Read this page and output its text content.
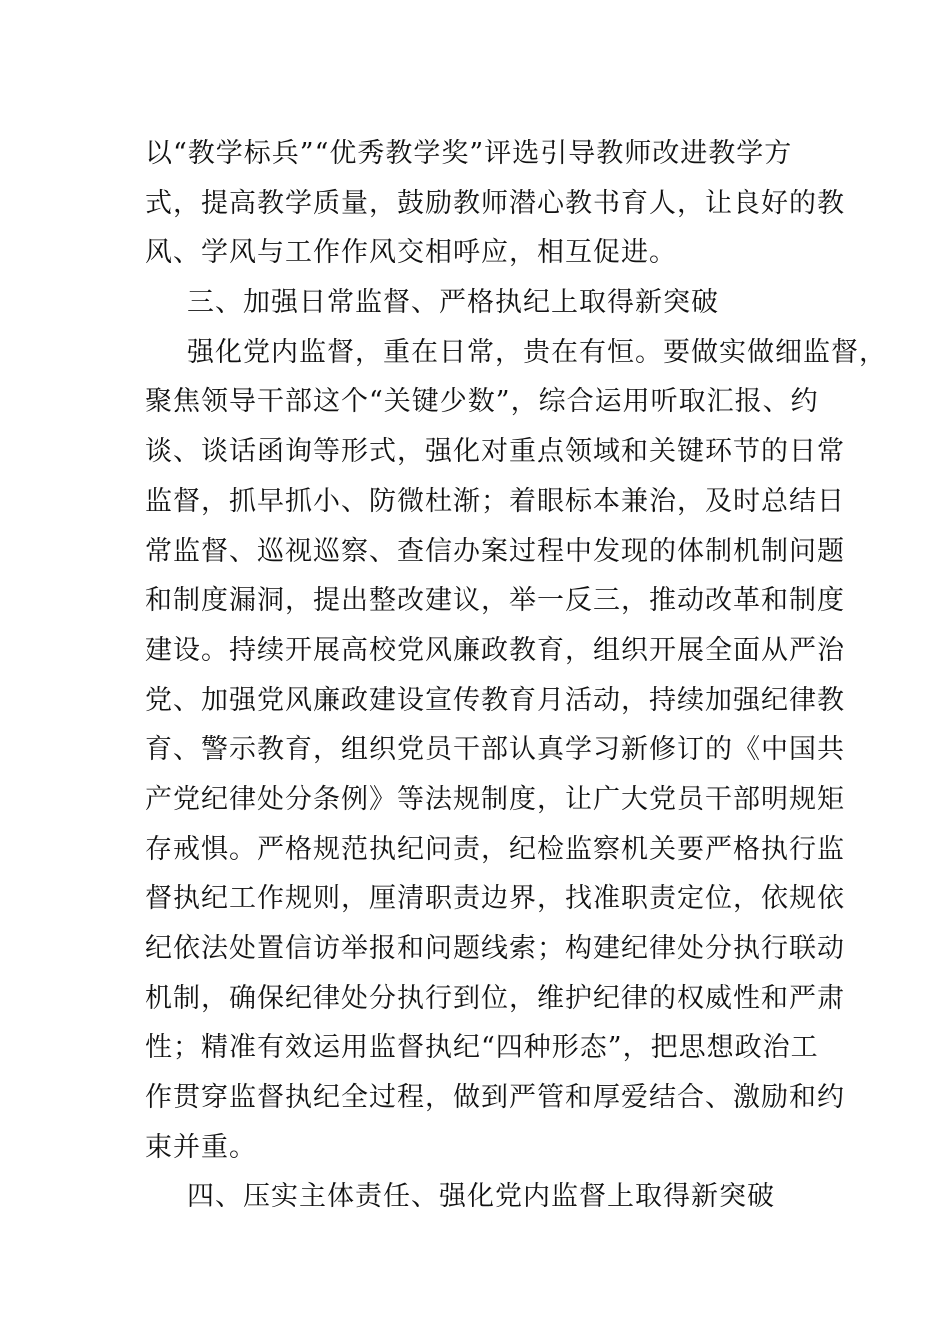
以“教学标兵”“优秀教学奖”评选引导教师改进教学方
式，提高教学质量，鼓励教师潜心教书育人，让良好的教
风、学风与工作作风交相呼应，相互促进。
三、加强日常监督、严格执纪上取得新突破
强化党内监督，重在日常，贵在有恒。要做实做细监督，
聚焦领导干部这个“关键少数”，综合运用听取汇报、约
谈、谈话函询等形式，强化对重点领域和关键环节的日常
监督，抓早抓小、防微杜渐；着眼标本兼治，及时总结日
常监督、巡视巡察、查信办案过程中发现的体制机制问题
和制度漏洞，提出整改建议，举一反三，推动改革和制度
建设。持续开展高校党风廉政教育，组织开展全面从严治
党、加强党风廉政建设宣传教育月活动，持续加强纪律教
育、警示教育，组织党员干部认真学习新修订的《中国共
产党纪律处分条例》等法规制度，让广大党员干部明规矩
存戒惧。严格规范执纪问责，纪检监察机关要严格执行监
督执纪工作规则，厘清职责边界，找准职责定位，依规依
纪依法处置信访举报和问题线索；构建纪律处分执行联动
机制，确保纪律处分执行到位，维护纪律的权威性和严肃
性；精准有效运用监督执纪“四种形态”，把思想政治工
作贯穿监督执纪全过程，做到严管和厚爱结合、激励和约
束并重。
四、压实主体责任、强化党内监督上取得新突破
